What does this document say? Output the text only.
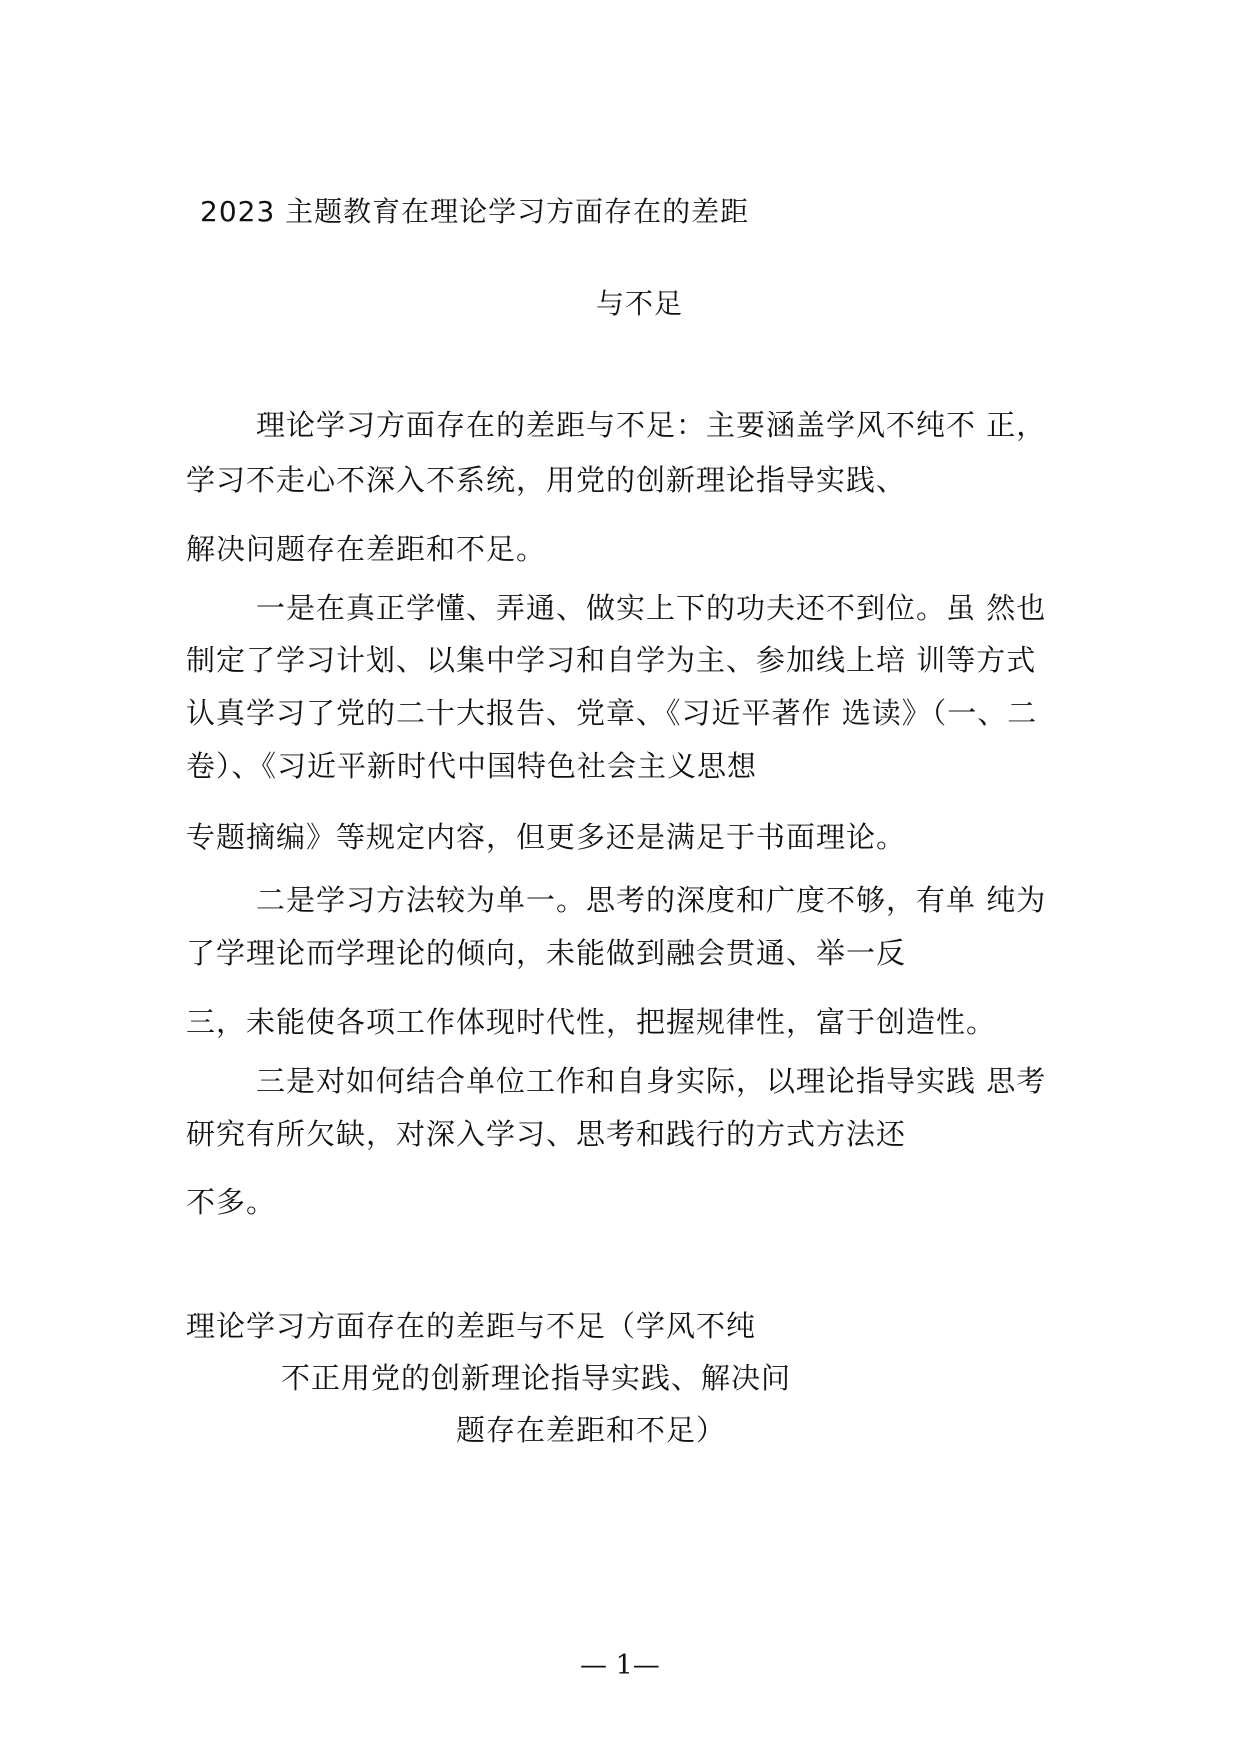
2023 主题教育在理论学习方面存在的差距
与不足
理论学习方面存在的差距与不足：主要涵盖学风不纯不 正，
学习不走心不深入不系统，用党的创新理论指导实践、
解决问题存在差距和不足。
一是在真正学懂、弄通、做实上下的功夫还不到位。虽 然也
制定了学习计划、以集中学习和自学为主、参加线上培 训等方式
认真学习了党的二十大报告、党章、《习近平著作 选读》（一、二
卷）、《习近平新时代中国特色社会主义思想
专题摘编》等规定内容，但更多还是满足于书面理论。
二是学习方法较为单一。思考的深度和广度不够，有单 纯为
了学理论而学理论的倾向，未能做到融会贯通、举一反
三，未能使各项工作体现时代性，把握规律性，富于创造性。
三是对如何结合单位工作和自身实际，以理论指导实践 思考
研究有所欠缺，对深入学习、思考和践行的方式方法还
不多。
理论学习方面存在的差距与不足（学风不纯
不正用党的创新理论指导实践、解决问
题存在差距和不足）
— 1—
